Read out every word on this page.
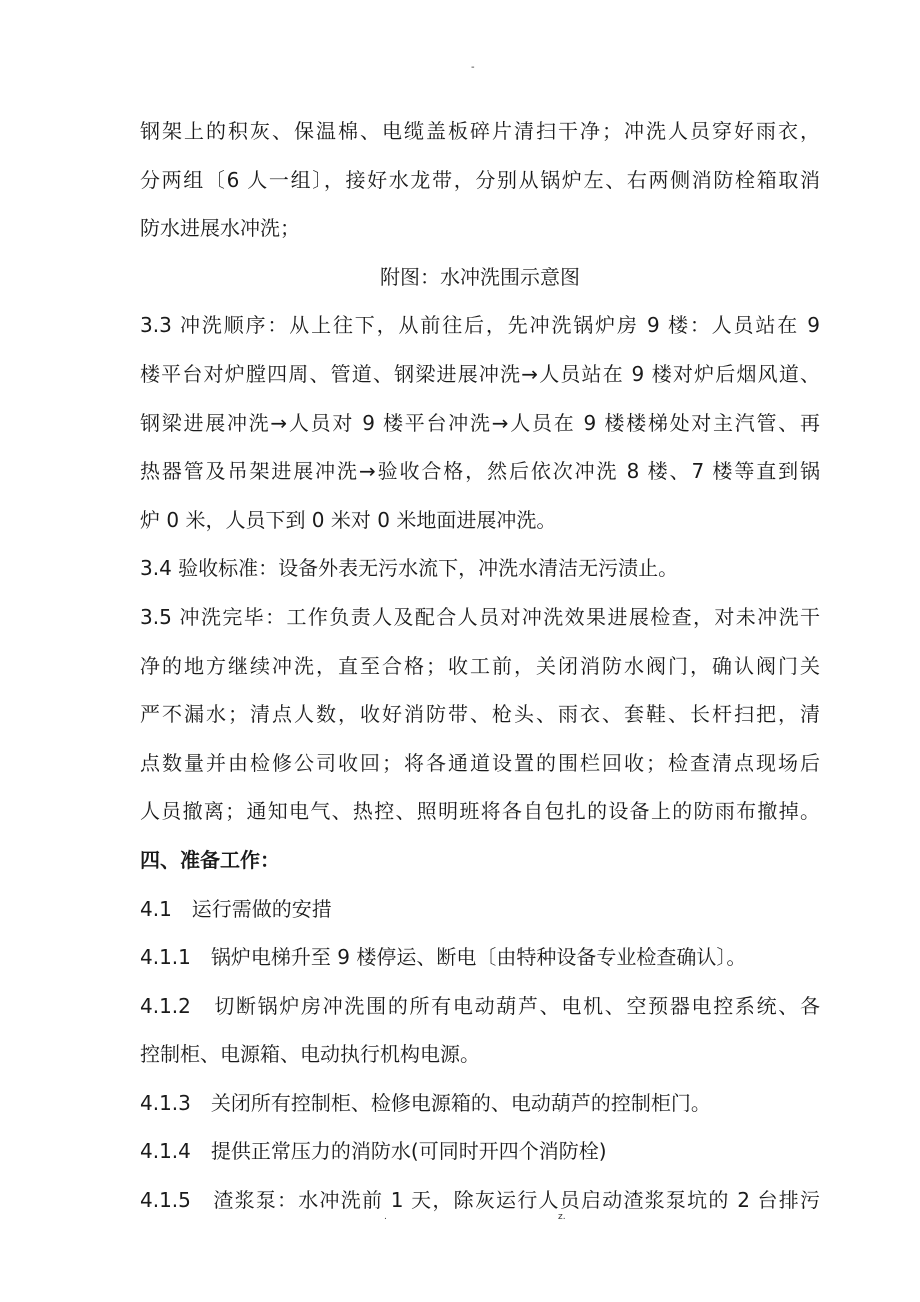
-
钢架上的积灰、保温棉、电缆盖板碎片清扫干净；冲洗人员穿好雨衣，
分两组〔6 人一组〕，接好水龙带，分别从锅炉左、右两侧消防栓箱取消
防水进展水冲洗；
附图：水冲洗围示意图
3.3 冲洗顺序：从上往下，从前往后，先冲洗锅炉房 9 楼：人员站在 9
楼平台对炉膛四周、管道、钢梁进展冲洗→人员站在 9 楼对炉后烟风道、
钢梁进展冲洗→人员对 9 楼平台冲洗→人员在 9 楼楼梯处对主汽管、再
热器管及吊架进展冲洗→验收合格，然后依次冲洗 8 楼、7 楼等直到锅
炉 0 米，人员下到 0 米对 0 米地面进展冲洗。
3.4 验收标准：设备外表无污水流下，冲洗水清洁无污渍止。
3.5 冲洗完毕：工作负责人及配合人员对冲洗效果进展检查，对未冲洗干
净的地方继续冲洗，直至合格；收工前，关闭消防水阀门，确认阀门关
严不漏水；清点人数，收好消防带、枪头、雨衣、套鞋、长杆扫把，清
点数量并由检修公司收回；将各通道设置的围栏回收；检查清点现场后
人员撤离；通知电气、热控、照明班将各自包扎的设备上的防雨布撤掉。
四、准备工作：
4.1　运行需做的安措
4.1.1　锅炉电梯升至 9 楼停运、断电〔由特种设备专业检查确认〕。
4.1.2　切断锅炉房冲洗围的所有电动葫芦、电机、空预器电控系统、各
控制柜、电源箱、电动执行机构电源。
4.1.3　关闭所有控制柜、检修电源箱的、电动葫芦的控制柜门。
4.1.4　提供正常压力的消防水(可同时开四个消防栓)
4.1.5　渣浆泵：水冲洗前 1 天，除灰运行人员启动渣浆泵坑的 2 台排污
.	z.
